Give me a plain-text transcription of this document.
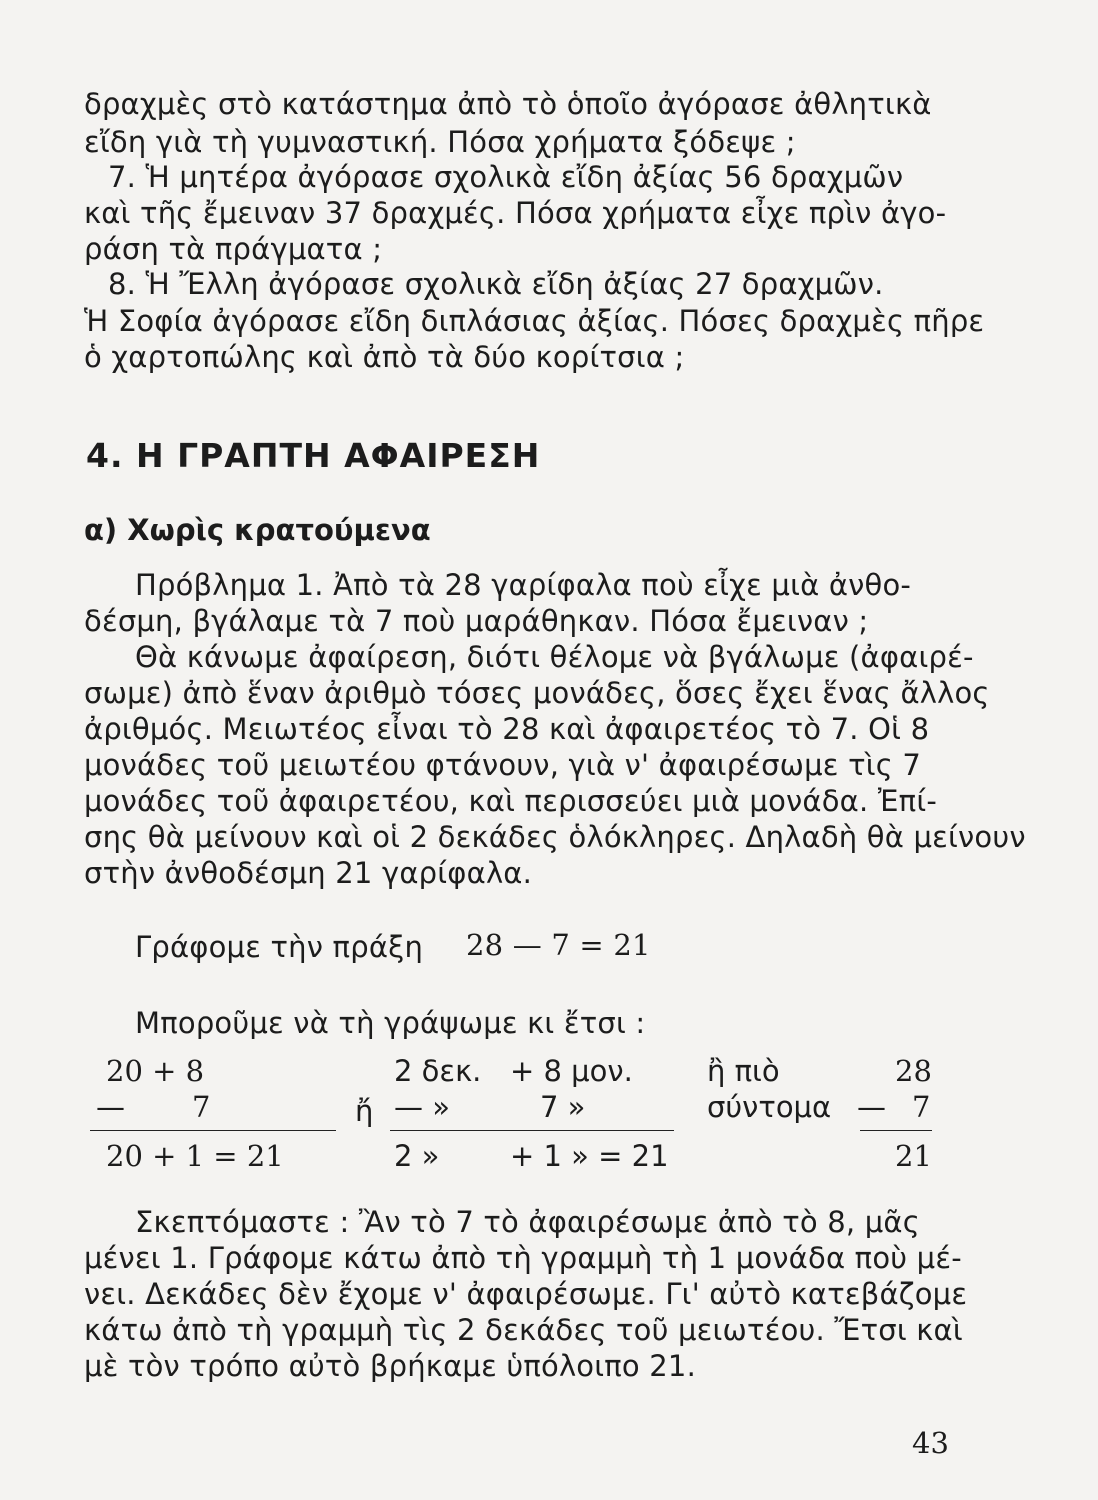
δραχμὲς στὸ κατάστημα ἀπὸ τὸ ὁποῖο ἀγόρασε ἀθλητικὰ
εἴδη γιὰ τὴ γυμναστική. Πόσα χρήματα ξόδεψε ;
7. Ἡ μητέρα ἀγόρασε σχολικὰ εἴδη ἀξίας 56 δραχμῶν
καὶ τῆς ἔμειναν 37 δραχμές. Πόσα χρήματα εἶχε πρὶν ἀγο-
ράση τὰ πράγματα ;
8. Ἡ Ἔλλη ἀγόρασε σχολικὰ εἴδη ἀξίας 27 δραχμῶν.
Ἡ Σοφία ἀγόρασε εἴδη διπλάσιας ἀξίας. Πόσες δραχμὲς πῆρε
ὁ χαρτοπώλης καὶ ἀπὸ τὰ δύο κορίτσια ;
4. Η ΓΡΑΠΤΗ ΑΦΑΙΡΕΣΗ
α) Χωρὶς κρατούμενα
Πρόβλημα 1. Ἀπὸ τὰ 28 γαρίφαλα ποὺ εἶχε μιὰ ἀνθο-
δέσμη, βγάλαμε τὰ 7 ποὺ μαράθηκαν. Πόσα ἔμειναν ;
Θὰ κάνωμε ἀφαίρεση, διότι θέλομε νὰ βγάλωμε (ἀφαιρέ-
σωμε) ἀπὸ ἕναν ἀριθμὸ τόσες μονάδες, ὅσες ἔχει ἕνας ἄλλος
ἀριθμός. Μειωτέος εἶναι τὸ 28 καὶ ἀφαιρετέος τὸ 7. Οἱ 8
μονάδες τοῦ μειωτέου φτάνουν, γιὰ ν' ἀφαιρέσωμε τὶς 7
μονάδες τοῦ ἀφαιρετέου, καὶ περισσεύει μιὰ μονάδα. Ἐπί-
σης θὰ μείνουν καὶ οἱ 2 δεκάδες ὁλόκληρες. Δηλαδὴ θὰ μείνουν
στὴν ἀνθοδέσμη 21 γαρίφαλα.
Γράφομε τὴν πράξη 28 — 7 = 21
Μποροῦμε νὰ τὴ γράψωμε κι ἔτσι :
20 + 8
— 7
20 + 1 = 21
ἤ
2 δεκ. + 8 μον.
— »	7 »
2 » + 1 » = 21
ἢ πιὸ
σύντομα
28
— 7
21
Σκεπτόμαστε : Ἂν τὸ 7 τὸ ἀφαιρέσωμε ἀπὸ τὸ 8, μᾶς
μένει 1. Γράφομε κάτω ἀπὸ τὴ γραμμὴ τὴ 1 μονάδα ποὺ μέ-
νει. Δεκάδες δὲν ἔχομε ν' ἀφαιρέσωμε. Γι' αὐτὸ κατεβάζομε
κάτω ἀπὸ τὴ γραμμὴ τὶς 2 δεκάδες τοῦ μειωτέου. Ἔτσι καὶ
μὲ τὸν τρόπο αὐτὸ βρήκαμε ὑπόλοιπο 21.
43
